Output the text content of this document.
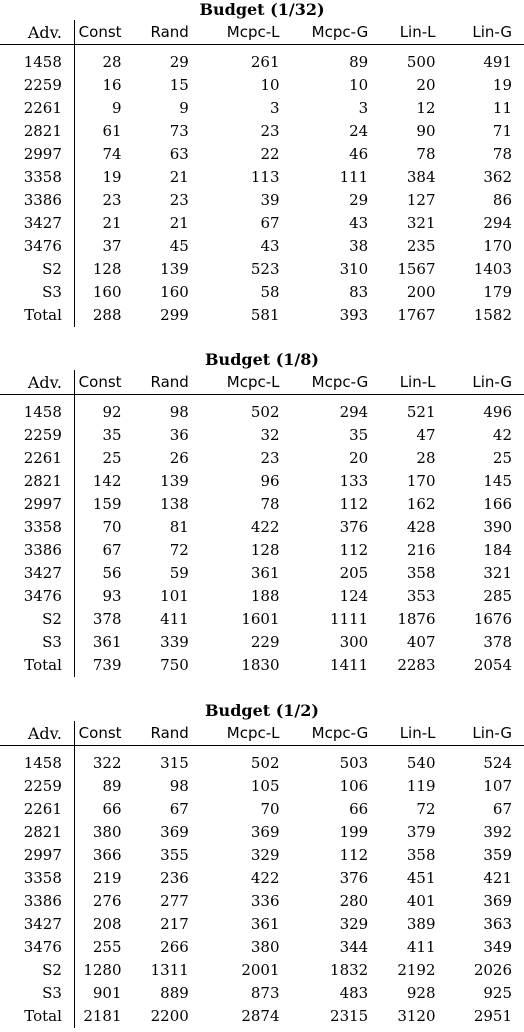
Budget (1/32)
Adv.	Const	Rand	Mcpc-L	Mcpc-G	Lin-L	Lin-G
1458	28	29	261	89	500	491
2259	16	15	10	10	20	19
2261	9	9	3	3	12	11
2821	61	73	23	24	90	71
2997	74	63	22	46	78	78
3358	19	21	113	111	384	362
3386	23	23	39	29	127	86
3427	21	21	67	43	321	294
3476	37	45	43	38	235	170
S2	128	139	523	310	1567	1403
S3	160	160	58	83	200	179
Total	288	299	581	393	1767	1582
Budget (1/8)
Adv.	Const	Rand	Mcpc-L	Mcpc-G	Lin-L	Lin-G
1458	92	98	502	294	521	496
2259	35	36	32	35	47	42
2261	25	26	23	20	28	25
2821	142	139	96	133	170	145
2997	159	138	78	112	162	166
3358	70	81	422	376	428	390
3386	67	72	128	112	216	184
3427	56	59	361	205	358	321
3476	93	101	188	124	353	285
S2	378	411	1601	1111	1876	1676
S3	361	339	229	300	407	378
Total	739	750	1830	1411	2283	2054
Budget (1/2)
Adv.	Const	Rand	Mcpc-L	Mcpc-G	Lin-L	Lin-G
1458	322	315	502	503	540	524
2259	89	98	105	106	119	107
2261	66	67	70	66	72	67
2821	380	369	369	199	379	392
2997	366	355	329	112	358	359
3358	219	236	422	376	451	421
3386	276	277	336	280	401	369
3427	208	217	361	329	389	363
3476	255	266	380	344	411	349
S2	1280	1311	2001	1832	2192	2026
S3	901	889	873	483	928	925
Total	2181	2200	2874	2315	3120	2951
